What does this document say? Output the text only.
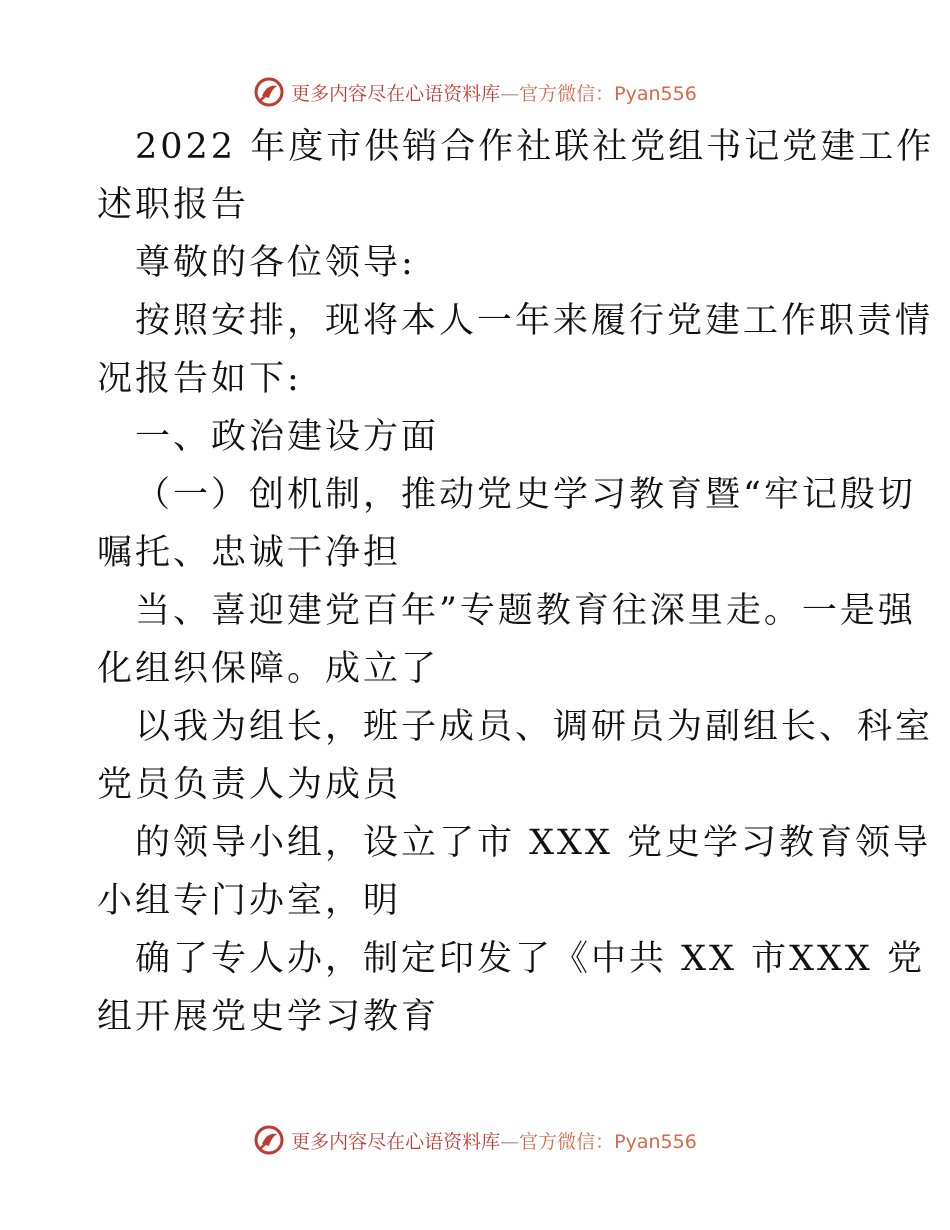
更多内容尽在心语资料库—官方微信：Pyan556
2022 年度市供销合作社联社党组书记党建工作
述职报告
尊敬的各位领导:
按照安排，现将本人一年来履行党建工作职责情
况报告如下:
一、政治建设方面
（一）创机制，推动党史学习教育暨“牢记殷切
嘱托、忠诚干净担
当、喜迎建党百年”专题教育往深里走。一是强
化组织保障。成立了
以我为组长，班子成员、调研员为副组长、科室
党员负责人为成员
的领导小组，设立了市 XXX 党史学习教育领导
小组专门办室，明
确了专人办，制定印发了《中共 XX 市XXX 党
组开展党史学习教育
更多内容尽在心语资料库—官方微信：Pyan556
